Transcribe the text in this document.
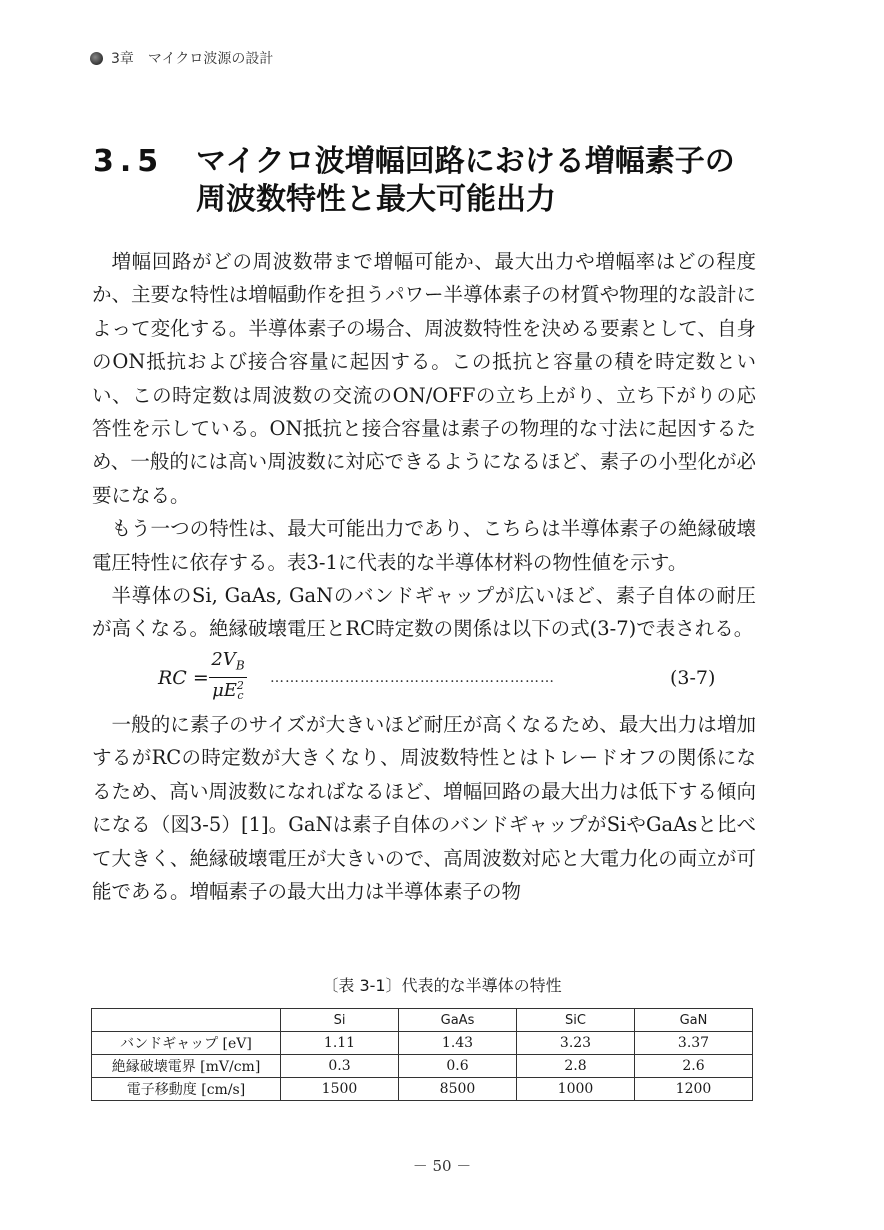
3章 マイクロ波源の設計
3.5 マイクロ波増幅回路における増幅素子の
周波数特性と最大可能出力

増幅回路がどの周波数帯まで増幅可能か、最大出力や増幅率はどの程度か、主要な特性は増幅動作を担うパワー半導体素子の材質や物理的な設計によって変化する。半導体素子の場合、周波数特性を決める要素として、自身のON抵抗および接合容量に起因する。この抵抗と容量の積を時定数といい、この時定数は周波数の交流のON/OFFの立ち上がり、立ち下がりの応答性を示している。ON抵抗と接合容量は素子の物理的な寸法に起因するため、一般的には高い周波数に対応できるようになるほど、素子の小型化が必要になる。

もう一つの特性は、最大可能出力であり、こちらは半導体素子の絶縁破壊電圧特性に依存する。表3-1に代表的な半導体材料の物性値を示す。

半導体のSi, GaAs, GaNのバンドギャップが広いほど、素子自体の耐圧が高くなる。絶縁破壊電圧とRC時定数の関係は以下の式(3-7)で表される。

RC = $2V_B$
μE 2
c …………………………………………………	(3-7)

一般的に素子のサイズが大きいほど耐圧が高くなるため、最大出力は増加するがRCの時定数が大きくなり、周波数特性とはトレードオフの関係になるため、高い周波数になればなるほど、増幅回路の最大出力は低下する傾向になる（図3-5）[1]。GaNは素子自体のバンドギャップがSiやGaAsと比べて大きく、絶縁破壊電圧が大きいので、高周波数対応と大電力化の両立が可能である。増幅素子の最大出力は半導体素子の物

〔表 3-1〕代表的な半導体の特性
	Si	GaAs	SiC	GaN
バンドギャップ [eV]	1.11	1.43	3.23	3.37
絶縁破壊電界 [mV/cm]	0.3	0.6	2.8	2.6
電子移動度 [cm/s]	1500	8500	1000	1200
－ 50 －
